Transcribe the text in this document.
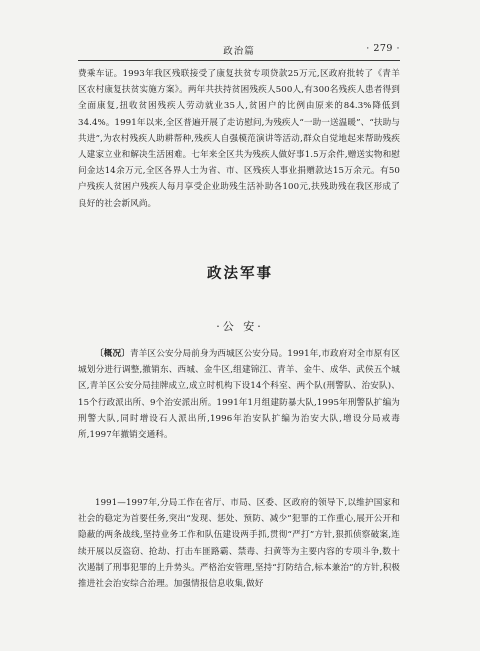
政治篇	· 279 ·

费乘车证。1993年我区残联接受了康复扶贫专项贷款25万元,区政府批转了《青羊区农村康复扶贫实施方案》。两年共扶持贫困残疾人500人,有300名残疾人患者得到全面康复,扭收贫困残疾人劳动就业35人,贫困户的比例由原来的84.3%降低到34.4%。1991年以来,全区普遍开展了走访慰问,为残疾人“一助一送温暖”、“扶助与共进”,为农村残疾人助耕帮种,残疾人自强模范演讲等活动,群众自觉地起来帮助残疾人建家立业和解决生活困难。七年来全区共为残疾人做好事1.5万余件,赠送实物和慰问金达14余万元,全区各界人士为省、市、区残疾人事业捐赠款达15万余元。有50户残疾人贫困户残疾人每月享受企业助残生活补助各100元,扶残助残在我区形成了良好的社会新风尚。

政法军事
·公 安·

〔概况〕青羊区公安分局前身为西城区公安分局。1991年,市政府对全市原有区城划分进行调整,撤销东、西城、金牛区,组建锦江、青羊、金牛、成华、武侯五个城区,青羊区公安分局挂牌成立,成立时机构下设14个科室、两个队(刑警队、治安队)、15个行政派出所、9个治安派出所。1991年1月组建防暴大队,1995年刑警队扩编为刑警大队,同时增设石人派出所,1996年治安队扩编为治安大队,增设分局戒毒所,1997年撤销交通科。

1991—1997年,分局工作在省厅、市局、区委、区政府的领导下,以维护国家和社会的稳定为首要任务,突出“发现、惩处、预防、减少”犯罪的工作重心,展开公开和隐蔽的两条战线,坚持业务工作和队伍建设两手抓,贯彻“严打”方针,狠抓侦察破案,连续开展以反盗窃、抢劫、打击车匪路霸、禁毒、扫黄等为主要内容的专项斗争,数十次遏制了刑事犯罪的上升势头。严格治安管理,坚持“打防结合,标本兼治”的方针,积极推进社会治安综合治理。加强情报信息收集,做好
